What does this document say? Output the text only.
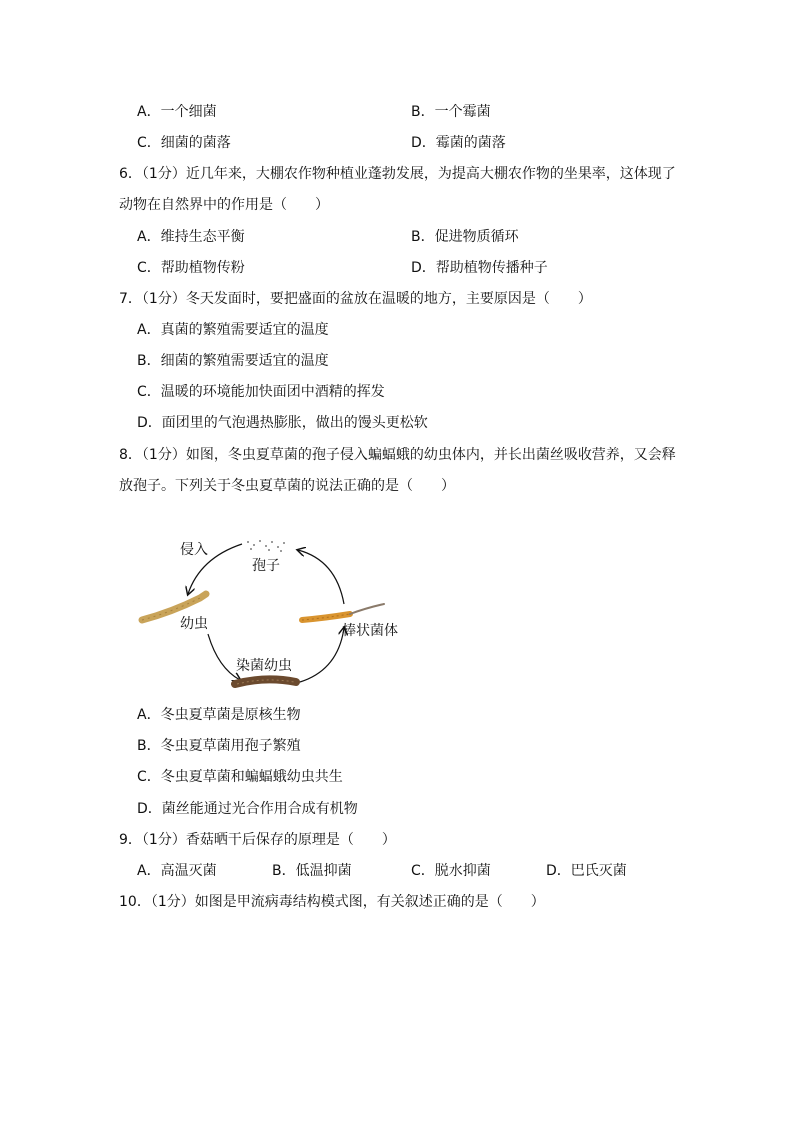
A．一个细菌	B．一个霉菌
C．细菌的菌落	D．霉菌的菌落
6．（1分）近几年来，大棚农作物种植业蓬勃发展，为提高大棚农作物的坐果率，这体现了
动物在自然界中的作用是（　　）
A．维持生态平衡	B．促进物质循环
C．帮助植物传粉	D．帮助植物传播种子
7．（1分）冬天发面时，要把盛面的盆放在温暖的地方，主要原因是（　　）
A．真菌的繁殖需要适宜的温度
B．细菌的繁殖需要适宜的温度
C．温暖的环境能加快面团中酒精的挥发
D．面团里的气泡遇热膨胀，做出的馒头更松软
8．（1分）如图，冬虫夏草菌的孢子侵入蝙蝠蛾的幼虫体内，并长出菌丝吸收营养，又会释
放孢子。下列关于冬虫夏草菌的说法正确的是（　　）
侵入
孢子
幼虫	棒状菌体
染菌幼虫
A．冬虫夏草菌是原核生物
B．冬虫夏草菌用孢子繁殖
C．冬虫夏草菌和蝙蝠蛾幼虫共生
D．菌丝能通过光合作用合成有机物
9．（1分）香菇晒干后保存的原理是（　　）
A．高温灭菌	B．低温抑菌	C．脱水抑菌	D．巴氏灭菌
10．（1分）如图是甲流病毒结构模式图，有关叙述正确的是（　　）
